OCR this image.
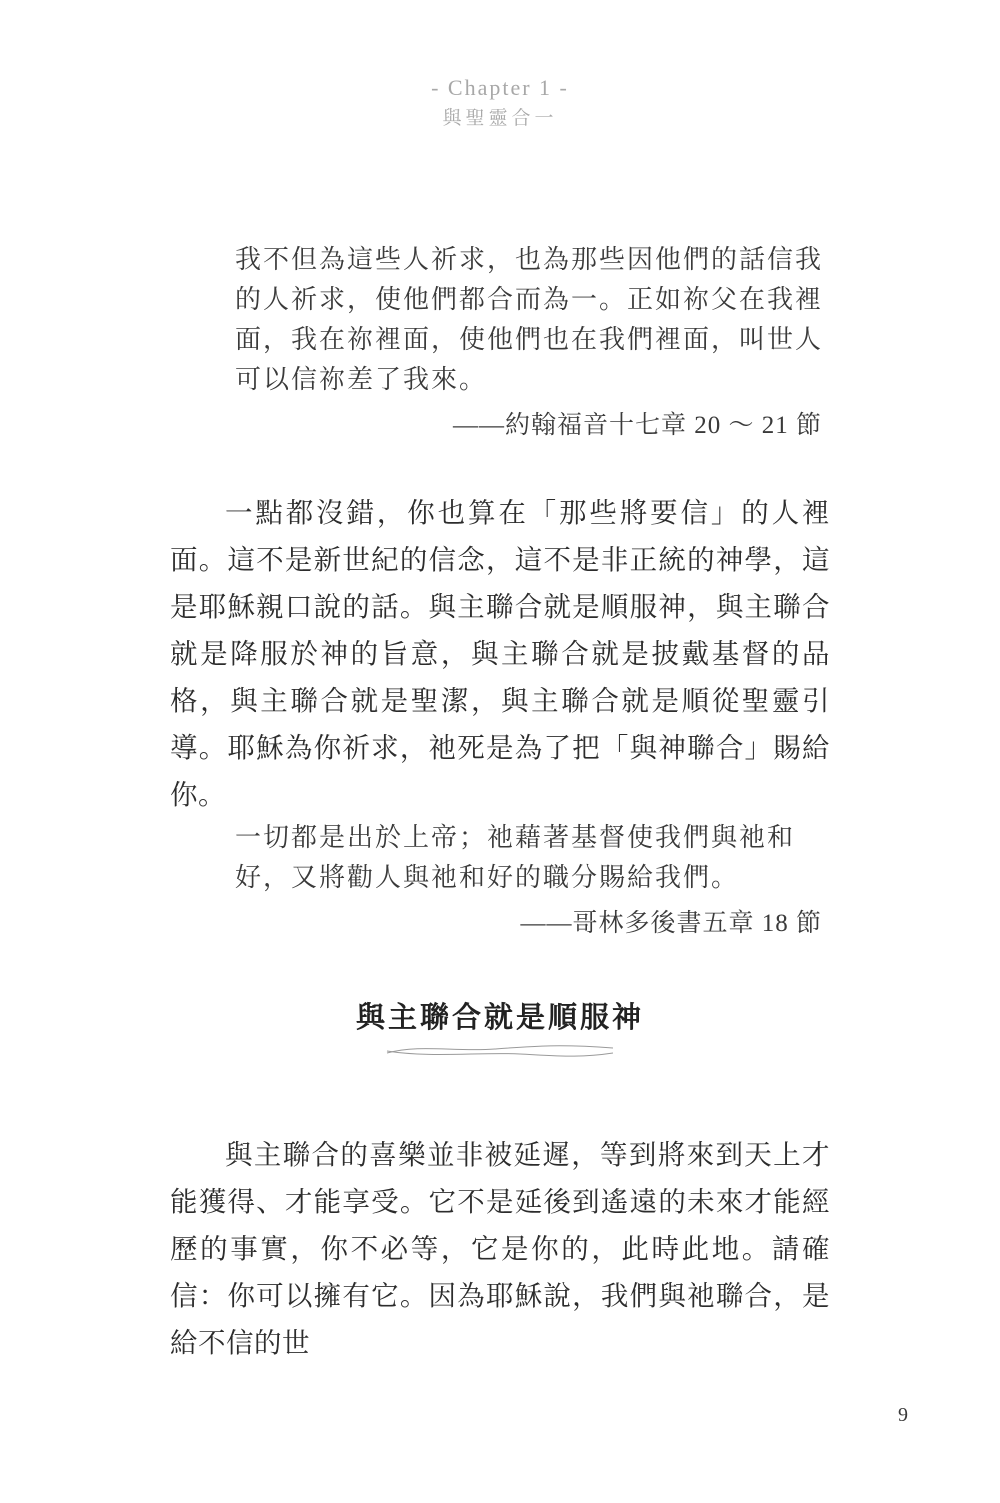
- Chapter 1 -
與聖靈合一
我不但為這些人祈求，也為那些因他們的話信我
的人祈求，使他們都合而為一。正如祢父在我裡
面，我在祢裡面，使他們也在我們裡面，叫世人
可以信祢差了我來。
——約翰福音十七章 20 ～ 21 節
一點都沒錯，你也算在「那些將要信」的人裡面。這不是新世紀的信念，這不是非正統的神學，這是耶穌親口說的話。與主聯合就是順服神，與主聯合就是降服於神的旨意，與主聯合就是披戴基督的品格，與主聯合就是聖潔，與主聯合就是順從聖靈引導。耶穌為你祈求，祂死是為了把「與神聯合」賜給你。
一切都是出於上帝；祂藉著基督使我們與祂和
好，又將勸人與祂和好的職分賜給我們。
——哥林多後書五章 18 節
與主聯合就是順服神
與主聯合的喜樂並非被延遲，等到將來到天上才能獲得、才能享受。它不是延後到遙遠的未來才能經歷的事實，你不必等，它是你的，此時此地。請確信：你可以擁有它。因為耶穌說，我們與祂聯合，是給不信的世
9
